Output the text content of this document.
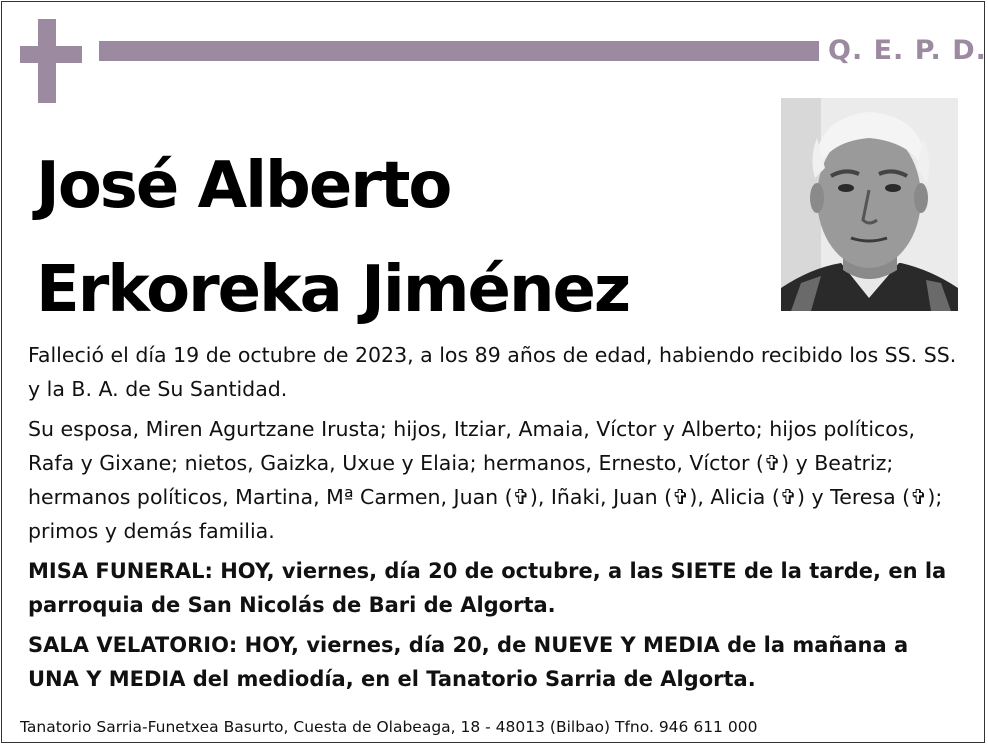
Q. E. P. D.
José Alberto
Erkoreka Jiménez

Falleció el día 19 de octubre de 2023, a los 89 años de edad, habiendo recibido los SS. SS. y la B. A. de Su Santidad.

Su esposa, Miren Agurtzane Irusta; hijos, Itziar, Amaia, Víctor y Alberto; hijos políticos, Rafa y Gixane; nietos, Gaizka, Uxue y Elaia; hermanos, Ernesto, Víctor (✞) y Beatriz; hermanos políticos, Martina, Mª Carmen, Juan (✞), Iñaki, Juan (✞), Alicia (✞) y Teresa (✞); primos y demás familia.

MISA FUNERAL: HOY, viernes, día 20 de octubre, a las SIETE de la tarde, en la parroquia de San Nicolás de Bari de Algorta.

SALA VELATORIO: HOY, viernes, día 20, de NUEVE Y MEDIA de la mañana a UNA Y MEDIA del mediodía, en el Tanatorio Sarria de Algorta.

Tanatorio Sarria-Funetxea Basurto, Cuesta de Olabeaga, 18 - 48013 (Bilbao) Tfno. 946 611 000
